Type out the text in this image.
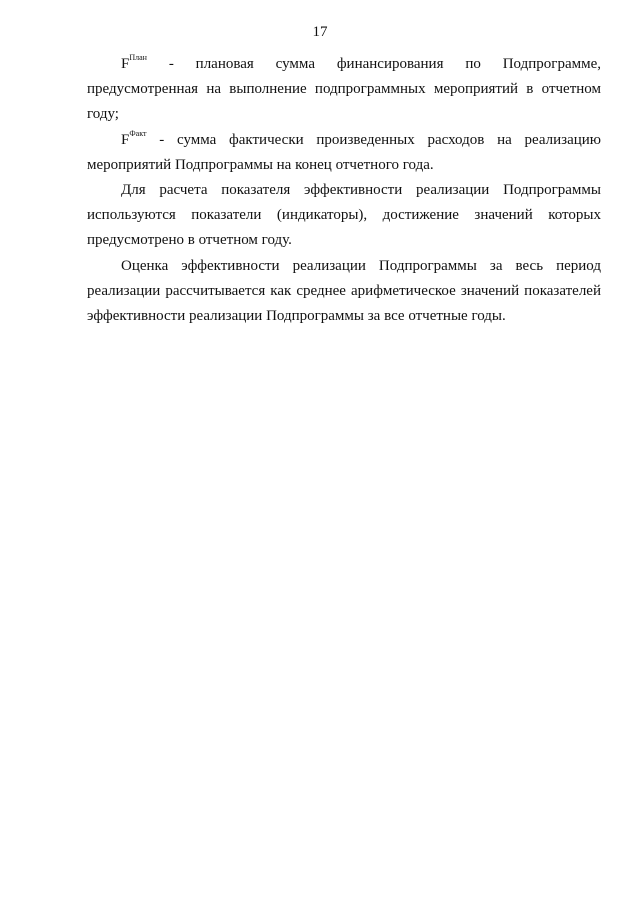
17

$F^{План}$ - плановая сумма финансирования по Подпрограмме, предусмотренная на выполнение подпрограммных мероприятий в отчетном году;

$F^{Факт}$ - сумма фактически произведенных расходов на реализацию мероприятий Подпрограммы на конец отчетного года.

Для расчета показателя эффективности реализации Подпрограммы используются показатели (индикаторы), достижение значений которых предусмотрено в отчетном году.

Оценка эффективности реализации Подпрограммы за весь период реализации рассчитывается как среднее арифметическое значений показателей эффективности реализации Подпрограммы за все отчетные годы.
